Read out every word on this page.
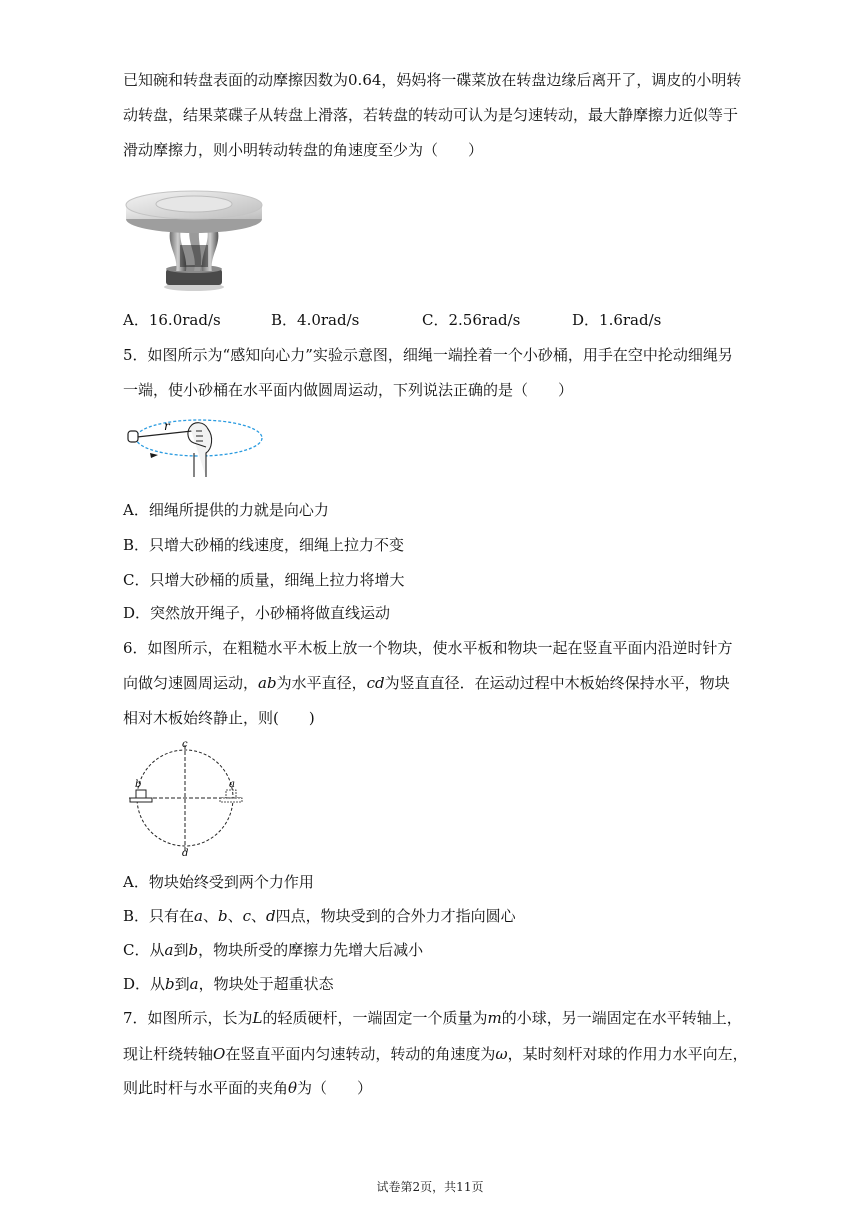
已知碗和转盘表面的动摩擦因数为0.64，妈妈将一碟菜放在转盘边缘后离开了，调皮的小明转
动转盘，结果菜碟子从转盘上滑落，若转盘的转动可认为是匀速转动，最大静摩擦力近似等于
滑动摩擦力，则小明转动转盘的角速度至少为（　　）
A．16.0rad/s	B．4.0rad/s	C．2.56rad/s	D．1.6rad/s
5．如图所示为“感知向心力”实验示意图，细绳一端拴着一个小砂桶，用手在空中抡动细绳另
一端，使小砂桶在水平面内做圆周运动，下列说法正确的是（　　）
r
A．细绳所提供的力就是向心力
B．只增大砂桶的线速度，细绳上拉力不变
C．只增大砂桶的质量，细绳上拉力将增大
D．突然放开绳子，小砂桶将做直线运动
6．如图所示，在粗糙水平木板上放一个物块，使水平板和物块一起在竖直平面内沿逆时针方
向做匀速圆周运动，ab为水平直径，cd为竖直直径．在运动过程中木板始终保持水平，物块
相对木板始终静止，则(　　)
c
d
b	a
A．物块始终受到两个力作用
B．只有在a、b、c、d四点，物块受到的合外力才指向圆心
C．从a到b，物块所受的摩擦力先增大后减小
D．从b到a，物块处于超重状态
7．如图所示，长为L的轻质硬杆，一端固定一个质量为m的小球，另一端固定在水平转轴上，
现让杆绕转轴O在竖直平面内匀速转动，转动的角速度为ω，某时刻杆对球的作用力水平向左，
则此时杆与水平面的夹角θ为（　　）
试卷第2页，共11页
